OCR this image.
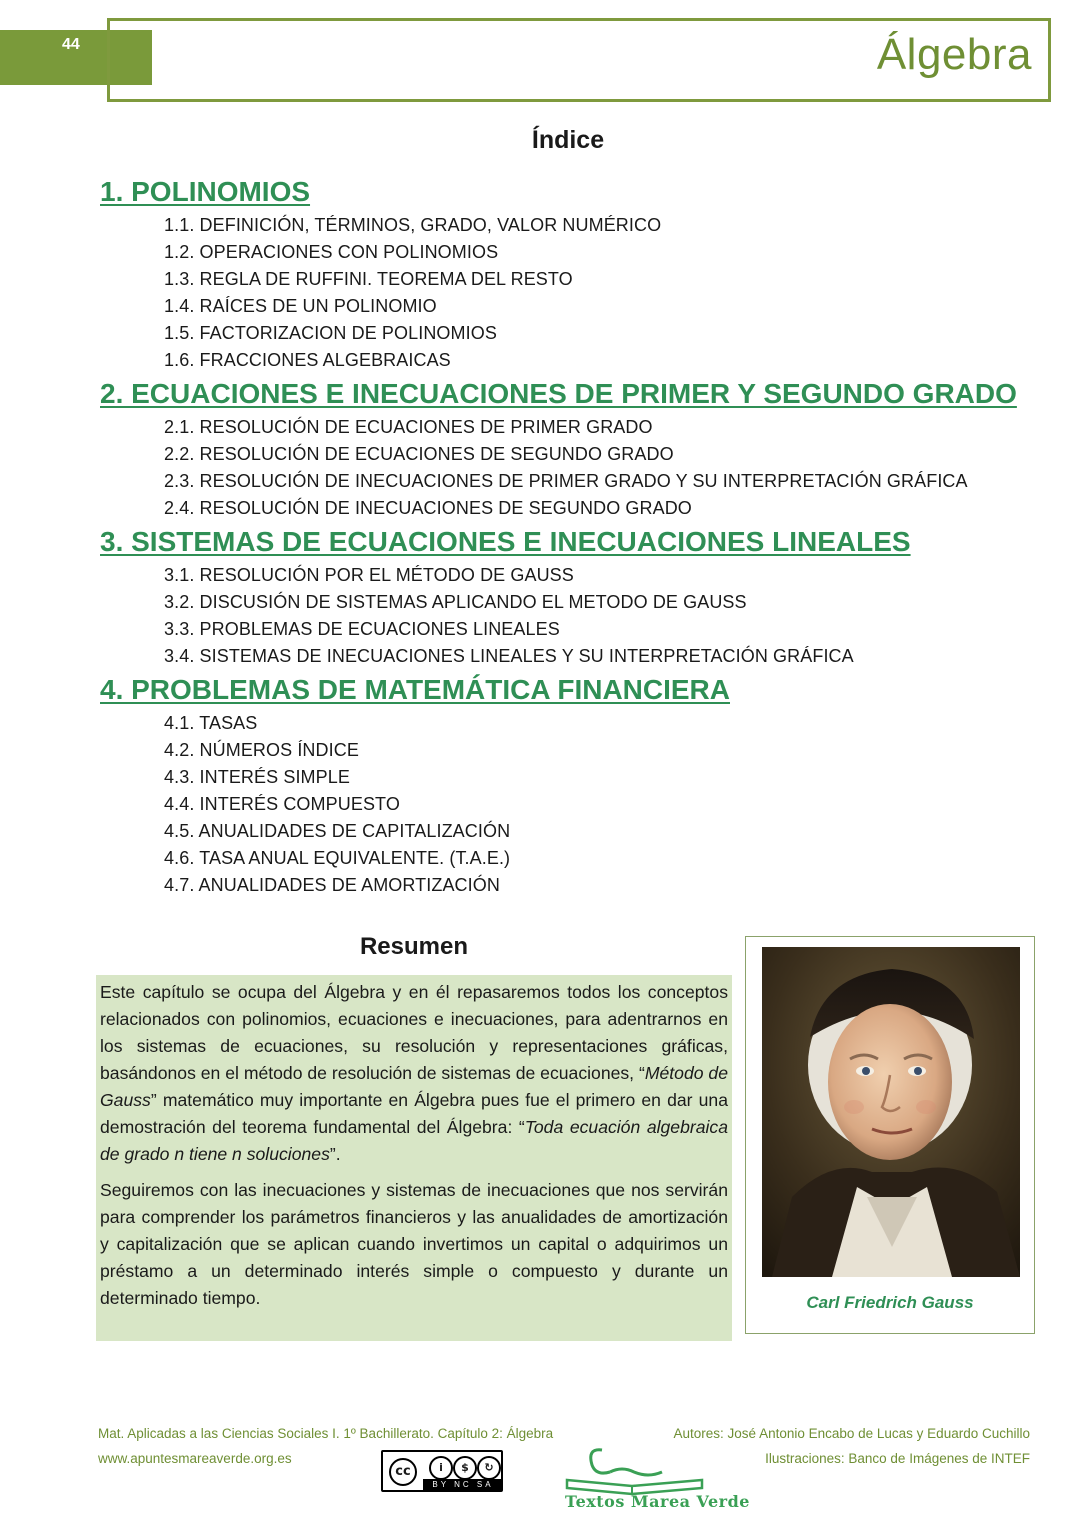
44	Álgebra
Índice
1. POLINOMIOS
1.1. DEFINICIÓN, TÉRMINOS, GRADO, VALOR NUMÉRICO
1.2. OPERACIONES CON POLINOMIOS
1.3. REGLA DE RUFFINI. TEOREMA DEL RESTO
1.4. RAÍCES DE UN POLINOMIO
1.5. FACTORIZACION DE POLINOMIOS
1.6. FRACCIONES ALGEBRAICAS
2. ECUACIONES E INECUACIONES DE PRIMER Y SEGUNDO GRADO
2.1. RESOLUCIÓN DE ECUACIONES DE PRIMER GRADO
2.2. RESOLUCIÓN DE ECUACIONES DE SEGUNDO GRADO
2.3. RESOLUCIÓN DE INECUACIONES DE PRIMER GRADO Y SU INTERPRETACIÓN GRÁFICA
2.4. RESOLUCIÓN DE INECUACIONES DE SEGUNDO GRADO
3. SISTEMAS DE ECUACIONES E INECUACIONES LINEALES
3.1. RESOLUCIÓN POR EL MÉTODO DE GAUSS
3.2. DISCUSIÓN DE SISTEMAS APLICANDO EL METODO DE GAUSS
3.3. PROBLEMAS DE ECUACIONES LINEALES
3.4. SISTEMAS DE INECUACIONES LINEALES Y SU INTERPRETACIÓN GRÁFICA
4. PROBLEMAS DE MATEMÁTICA FINANCIERA
4.1. TASAS
4.2. NÚMEROS ÍNDICE
4.3. INTERÉS SIMPLE
4.4. INTERÉS COMPUESTO
4.5. ANUALIDADES DE CAPITALIZACIÓN
4.6. TASA ANUAL EQUIVALENTE. (T.A.E.)
4.7. ANUALIDADES DE AMORTIZACIÓN
Resumen

Este capítulo se ocupa del Álgebra y en él repasaremos todos los conceptos relacionados con polinomios, ecuaciones e inecuaciones, para adentrarnos en los sistemas de ecuaciones, su resolución y representaciones gráficas, basándonos en el método de resolución de sistemas de ecuaciones, “Método de Gauss” matemático muy importante en Álgebra pues fue el primero en dar una demostración del teorema fundamental del Álgebra: “Toda ecuación algebraica de grado n tiene n soluciones”.

Seguiremos con las inecuaciones y sistemas de inecuaciones que nos servirán para comprender los parámetros financieros y las anualidades de amortización y capitalización que se aplican cuando invertimos un capital o adquirimos un préstamo a un determinado interés simple o compuesto y durante un determinado tiempo.	Carl Friedrich Gauss
Mat. Aplicadas a las Ciencias Sociales I. 1º Bachillerato. Capítulo 2: Álgebra
www.apuntesmareaverde.org.es
Autores: José Antonio Encabo de Lucas y Eduardo Cuchillo
Ilustraciones: Banco de Imágenes de INTEF
cc	i	$	↻
BY NC SA
Textos Marea Verde
